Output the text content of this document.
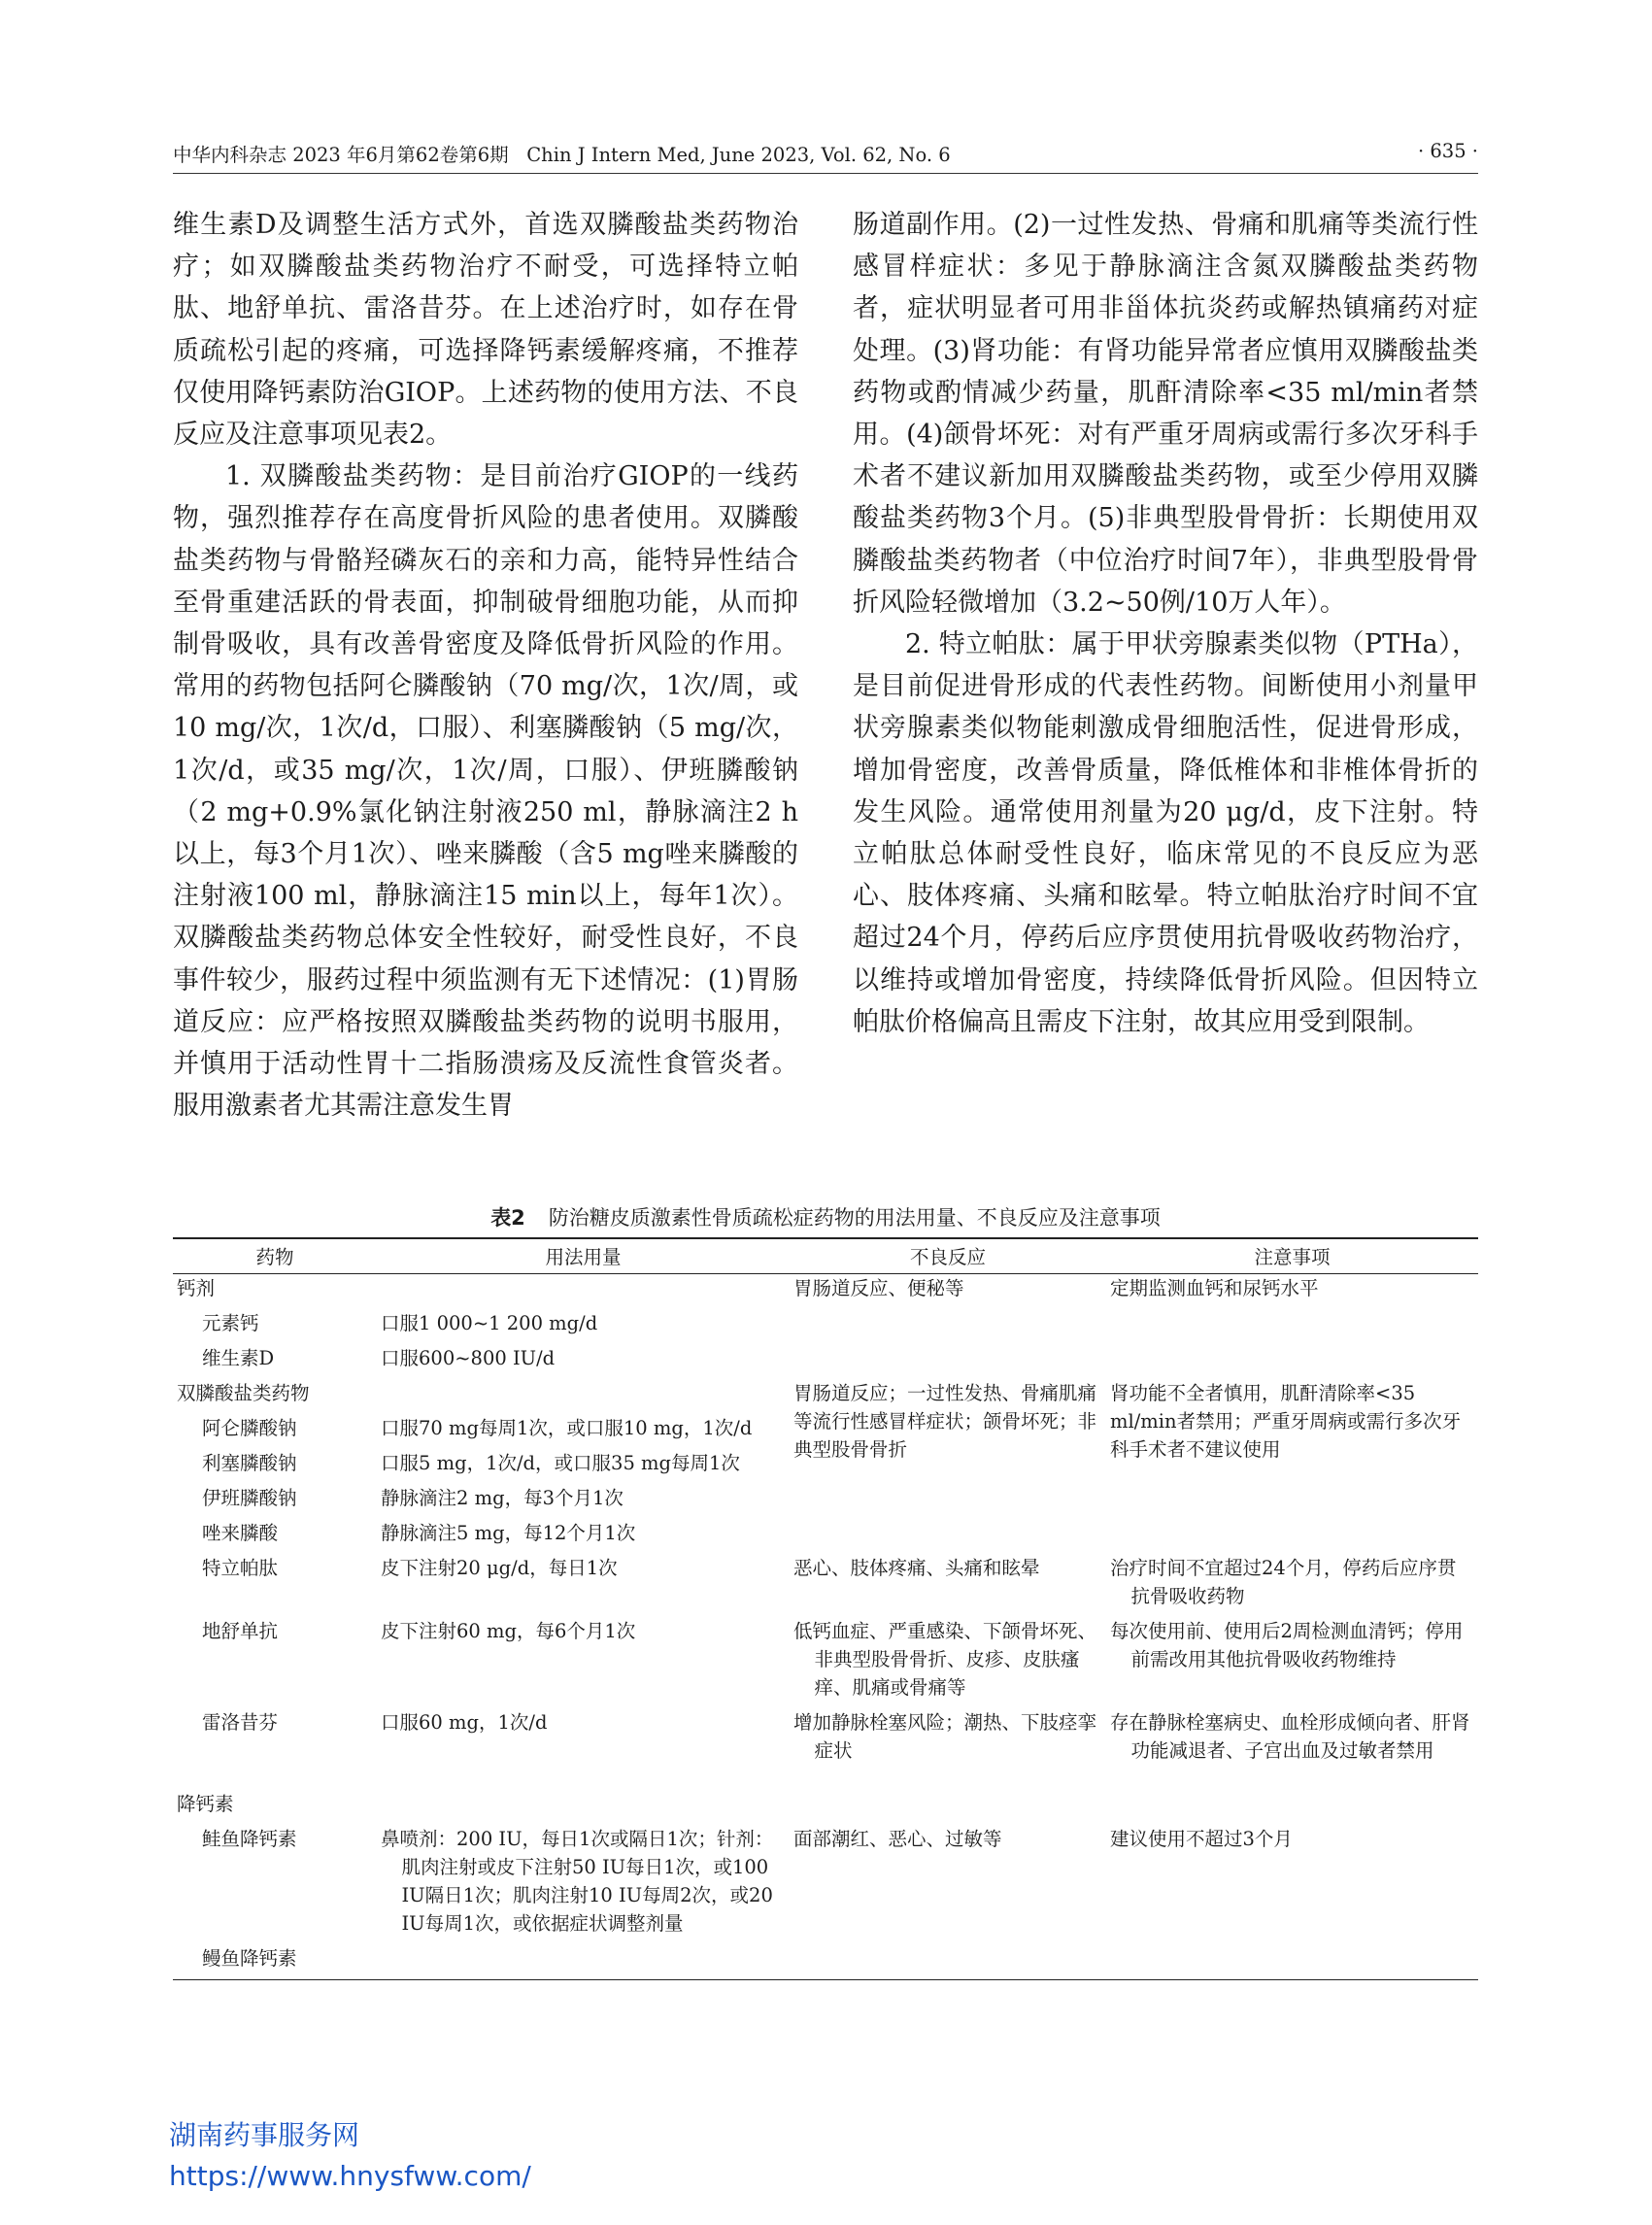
中华内科杂志 2023 年6月第62卷第6期 Chin J Intern Med, June 2023, Vol. 62, No. 6	· 635 ·

维生素D及调整生活方式外，首选双膦酸盐类药物治疗；如双膦酸盐类药物治疗不耐受，可选择特立帕肽、地舒单抗、雷洛昔芬。在上述治疗时，如存在骨质疏松引起的疼痛，可选择降钙素缓解疼痛，不推荐仅使用降钙素防治GIOP。上述药物的使用方法、不良反应及注意事项见表2。

1. 双膦酸盐类药物：是目前治疗GIOP的一线药物，强烈推荐存在高度骨折风险的患者使用。双膦酸盐类药物与骨骼羟磷灰石的亲和力高，能特异性结合至骨重建活跃的骨表面，抑制破骨细胞功能，从而抑制骨吸收，具有改善骨密度及降低骨折风险的作用。常用的药物包括阿仑膦酸钠（70 mg/次，1次/周，或10 mg/次，1次/d，口服）、利塞膦酸钠（5 mg/次，1次/d，或35 mg/次，1次/周，口服）、伊班膦酸钠（2 mg+0.9%氯化钠注射液250 ml，静脉滴注2 h以上，每3个月1次）、唑来膦酸（含5 mg唑来膦酸的注射液100 ml，静脉滴注15 min以上，每年1次）。双膦酸盐类药物总体安全性较好，耐受性良好，不良事件较少，服药过程中须监测有无下述情况：(1)胃肠道反应：应严格按照双膦酸盐类药物的说明书服用，并慎用于活动性胃十二指肠溃疡及反流性食管炎者。服用激素者尤其需注意发生胃

肠道副作用。(2)一过性发热、骨痛和肌痛等类流行性感冒样症状：多见于静脉滴注含氮双膦酸盐类药物者，症状明显者可用非甾体抗炎药或解热镇痛药对症处理。(3)肾功能：有肾功能异常者应慎用双膦酸盐类药物或酌情减少药量，肌酐清除率<35 ml/min者禁用。(4)颌骨坏死：对有严重牙周病或需行多次牙科手术者不建议新加用双膦酸盐类药物，或至少停用双膦酸盐类药物3个月。(5)非典型股骨骨折：长期使用双膦酸盐类药物者（中位治疗时间7年），非典型股骨骨折风险轻微增加（3.2~50例/10万人年）。

2. 特立帕肽：属于甲状旁腺素类似物（PTHa），是目前促进骨形成的代表性药物。间断使用小剂量甲状旁腺素类似物能刺激成骨细胞活性，促进骨形成，增加骨密度，改善骨质量，降低椎体和非椎体骨折的发生风险。通常使用剂量为20 μg/d，皮下注射。特立帕肽总体耐受性良好，临床常见的不良反应为恶心、肢体疼痛、头痛和眩晕。特立帕肽治疗时间不宜超过24个月，停药后应序贯使用抗骨吸收药物治疗，以维持或增加骨密度，持续降低骨折风险。但因特立帕肽价格偏高且需皮下注射，故其应用受到限制。

表2 防治糖皮质激素性骨质疏松症药物的用法用量、不良反应及注意事项
药物	用法用量	不良反应	注意事项
钙剂		胃肠道反应、便秘等	定期监测血钙和尿钙水平
元素钙	口服1 000~1 200 mg/d		
维生素D	口服600~800 IU/d		
双膦酸盐类药物		胃肠道反应；一过性发热、骨痛肌痛等流行性感冒样症状；颌骨坏死；非典型股骨骨折	肾功能不全者慎用，肌酐清除率<35 ml/min者禁用；严重牙周病或需行多次牙科手术者不建议使用
阿仑膦酸钠	口服70 mg每周1次，或口服10 mg，1次/d		
利塞膦酸钠	口服5 mg，1次/d，或口服35 mg每周1次		
伊班膦酸钠	静脉滴注2 mg，每3个月1次		
唑来膦酸	静脉滴注5 mg，每12个月1次		
特立帕肽	皮下注射20 μg/d，每日1次	恶心、肢体疼痛、头痛和眩晕	治疗时间不宜超过24个月，停药后应序贯抗骨吸收药物

地舒单抗	皮下注射60 mg，每6个月1次	低钙血症、严重感染、下颌骨坏死、非典型股骨骨折、皮疹、皮肤瘙痒、肌痛或骨痛等	每次使用前、使用后2周检测血清钙；停用前需改用其他抗骨吸收药物维持

雷洛昔芬	口服60 mg，1次/d	增加静脉栓塞风险；潮热、下肢痉挛症状	存在静脉栓塞病史、血栓形成倾向者、肝肾功能减退者、子宫出血及过敏者禁用

降钙素			
鲑鱼降钙素	鼻喷剂：200 IU，每日1次或隔日1次；针剂：肌肉注射或皮下注射50 IU每日1次，或100 IU隔日1次；肌肉注射10 IU每周2次，或20 IU每周1次，或依据症状调整剂量	面部潮红、恶心、过敏等	建议使用不超过3个月
鳗鱼降钙素			
湖南药事服务网
https://www.hnysfww.com/
